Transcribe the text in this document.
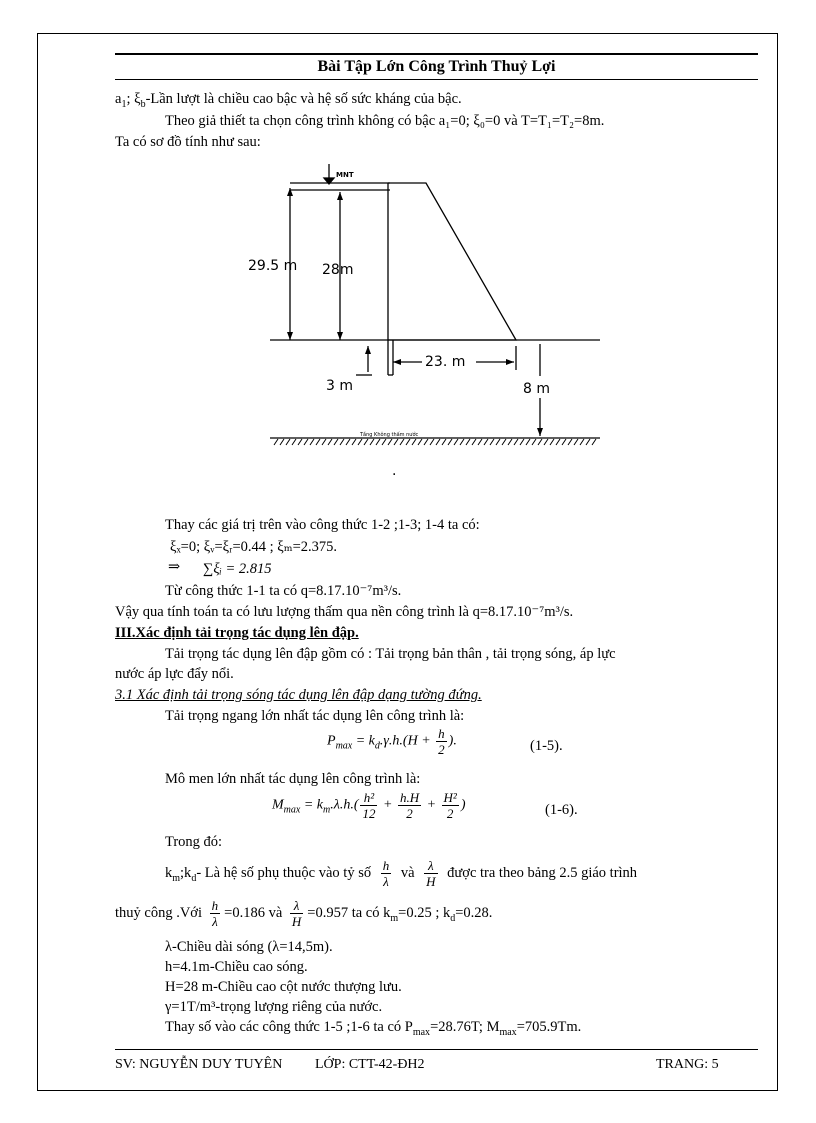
Bài Tập Lớn Công Trình Thuỷ Lợi
$a_1$; $\xi_b$-Lần lượt là chiều cao bậc và hệ số sức kháng của bậc.
Theo giả thiết ta chọn công trình không có bậc a₁=0; ξ₀=0 và T=T₁=T₂=8m.
Ta có sơ đồ tính như sau:
MNT
29.5 m 28m
23. m
3 m	8 m
Tầng Không thấm nước
.
Thay các giá trị trên vào công thức 1-2 ;1-3; 1-4 ta có:
ξₓ=0; ξᵥ=ξᵣ=0.44 ; ξₘ=2.375.
⇒ ∑ξᵢ = 2.815
Từ công thức 1-1 ta có q=8.17.10⁻⁷m³/s.
Vậy qua tính toán ta có lưu lượng thấm qua nền công trình là q=8.17.10⁻⁷m³/s.
III.Xác định tải trọng tác dụng lên đập.
Tải trọng tác dụng lên đập gồm có : Tải trọng bản thân , tải trọng sóng, áp lực
nước áp lực đẩy nổi.
3.1 Xác định tải trọng sóng tác dụng lên đập dạng tường đứng.
Tải trọng ngang lớn nhất tác dụng lên công trình là:
$P_{max} = k_d.\gamma.h.(H + \frac{h}{2}$ ).	(1-5).
Mô men lớn nhất tác dụng lên công trình là:
$M_{max} = k_m.\lambda.h.( \frac{\text{h²}}{12} + \frac{h.H}{2} + \frac{\text{H²}}{2}$ )	(1-6).
Trong đó:
$k_m;k_d-$ Là hệ số phụ thuộc vào tỷ số $\frac{h}{\lambda}$ và $\frac{\lambda}{H}$ được tra theo bảng 2.5 giáo trình
thuỷ công .Với $\frac{h}{\lambda} =0.186$ và $\frac{\lambda}{H} =0.957$ ta có $k_m=0.25$ ; $k_d=0.28$.
λ-Chiều dài sóng (λ=14,5m).
h=4.1m-Chiều cao sóng.
H=28 m-Chiều cao cột nước thượng lưu.
γ=1T/m³-trọng lượng riêng của nước.
Thay số vào các công thức 1-5 ;1-6 ta có $P_{max}=28.76T$; $M_{max}=705.9Tm$.
SV: NGUYỄN DUY TUYÊN LỚP: CTT-42-ĐH2	TRANG: 5
